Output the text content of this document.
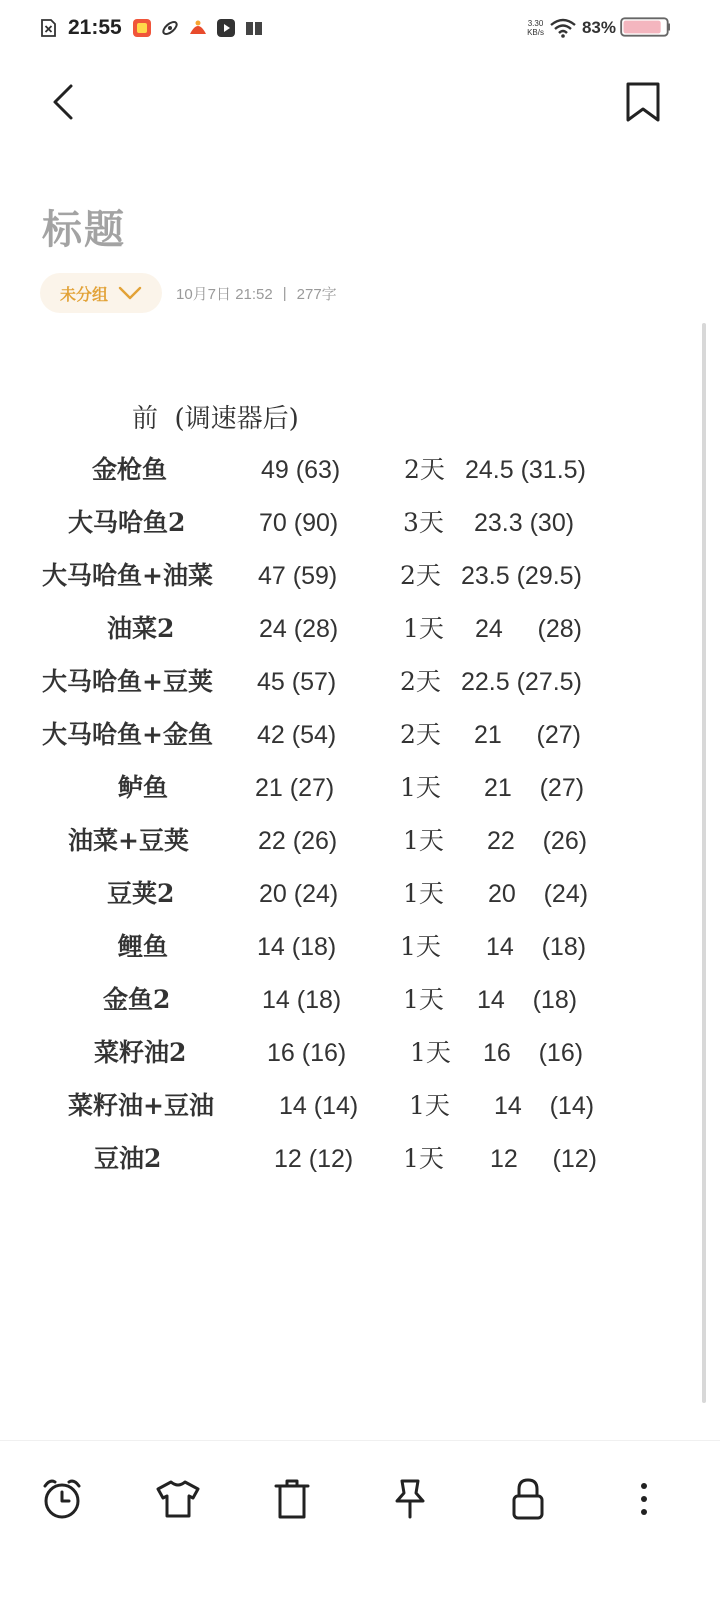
21:55	3.30
KB/s 83%
标题
未分组	10月7日 21:52 | 277字
前  (调速器后)
金枪鱼	49 (63)	2天 24.5 (31.5)
大马哈鱼2	70 (90)	3天 23.3 (30)
大马哈鱼+油菜 47 (59)	2天 23.5 (29.5)
油菜2	24 (28)	1天 24     (28)
大马哈鱼+豆荚 45 (57)	2天 22.5 (27.5)
大马哈鱼+金鱼 42 (54)	2天 21     (27)
鲈鱼	21 (27)	1天 21    (27)
油菜+豆荚	22 (26)	1天 22    (26)
豆荚2	20 (24)	1天 20    (24)
鲤鱼	14 (18)	1天 14    (18)
金鱼2	14 (18) 1天 14    (18)
菜籽油2	16 (16)	1天 16    (16)
菜籽油+豆油	14 (14) 1天 14    (14)
豆油2	12 (12) 1天 12     (12)
